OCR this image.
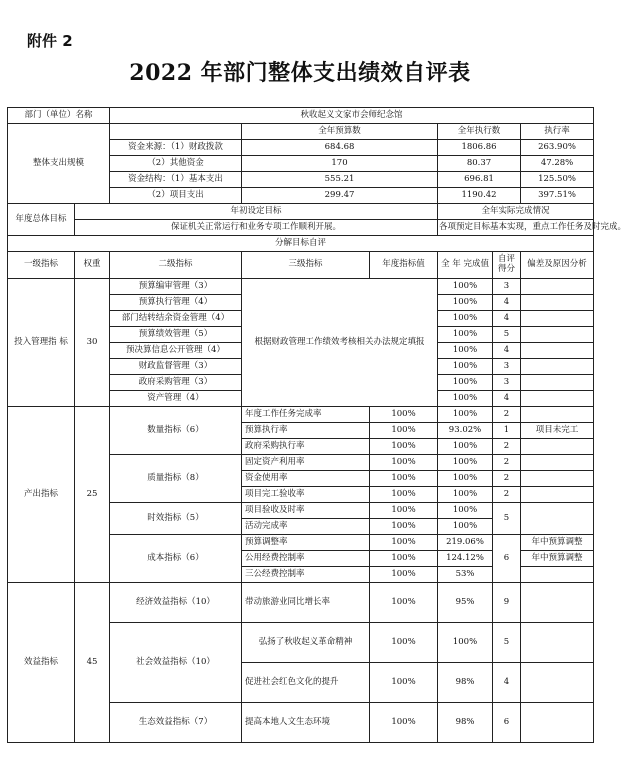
附件 2
2022 年部门整体支出绩效自评表
部门（单位）名称		秋收起义文家市会师纪念馆					
整体支出规模			全年预算数		全年执行数		执行率
		资金来源：（1）财政拨款	684.68		1806.86		263.90%
		（2）其他资金	170		80.37		47.28%
		资金结构：（1）基本支出	555.21		696.81		125.50%
		（2）项目支出	299.47		1190.42		397.51%
年度总体目标	年初设定目标				全年实际完成情况		
	保证机关正常运行和业务专项工作顺利开展。				各项预定目标基本实现，重点工作任务及时完成。		
分解目标自评							
一级指标	权重	二级指标	三级指标	年度指标值	全 年 完成值	自评得分	偏差及原因分析
投入管理指 标	30	预算编审管理（3）	根据财政管理工作绩效考核相关办法规定填报		100%	3	
		预算执行管理（4）			100%	4	
		部门结转结余资金管理（4）			100%	4	
		预算绩效管理（5）			100%	5	
		预决算信息公开管理（4）			100%	4	
		财政监督管理（3）			100%	3	
		政府采购管理（3）			100%	3	
		资产管理（4）			100%	4	
产出指标	25	数量指标（6）	年度工作任务完成率	100%	100%	2	
			预算执行率	100%	93.02%	1	项目未完工
			政府采购执行率	100%	100%	2	
		质量指标（8）	固定资产利用率	100%	100%	2	
			资金使用率	100%	100%	2	
			项目完工验收率	100%	100%	2	
		时效指标（5）	项目验收及时率	100%	100%	5	
			活动完成率	100%	100%		
		成本指标（6）	预算调整率	100%	219.06%	6	年中预算调整
			公用经费控制率	100%	124.12%		年中预算调整
			三公经费控制率	100%	53%		
效益指标	45	经济效益指标（10）	带动旅游业同比增长率	100%	95%	9	
		社会效益指标（10）	弘扬了秋收起义革命精神	100%	100%	5	
			促进社会红色文化的提升	100%	98%	4	
		生态效益指标（7）	提高本地人文生态环境	100%	98%	6	
